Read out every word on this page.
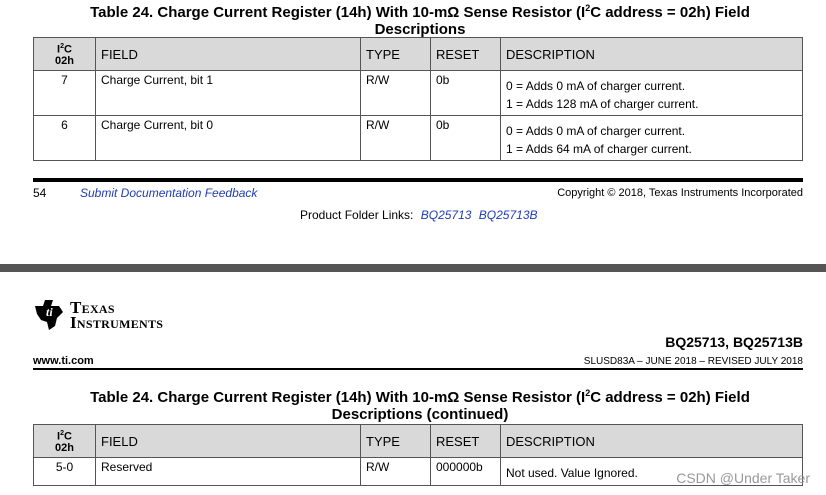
Table 24. Charge Current Register (14h) With 10-mΩ Sense Resistor ($I^2C$ address = 02h) Field
Descriptions
$I^2C$
02h	FIELD	TYPE	RESET	DESCRIPTION
7	Charge Current, bit 1	R/W	0b	0 = Adds 0 mA of charger current.
1 = Adds 128 mA of charger current.

6	Charge Current, bit 0	R/W	0b	0 = Adds 0 mA of charger current.
1 = Adds 64 mA of charger current.
54	Submit Documentation Feedback	Copyright © 2018, Texas Instruments Incorporated
Product Folder Links: BQ25713 BQ25713B
ti Texas
Instruments
BQ25713, BQ25713B
www.ti.com	SLUSD83A – JUNE 2018 – REVISED JULY 2018
Table 24. Charge Current Register (14h) With 10-mΩ Sense Resistor ($I^2C$ address = 02h) Field
Descriptions (continued)
$I^2C$
02h	FIELD	TYPE	RESET	DESCRIPTION
5-0	Reserved	R/W	000000b	Not used. Value Ignored.	CSDN @Under Taker
